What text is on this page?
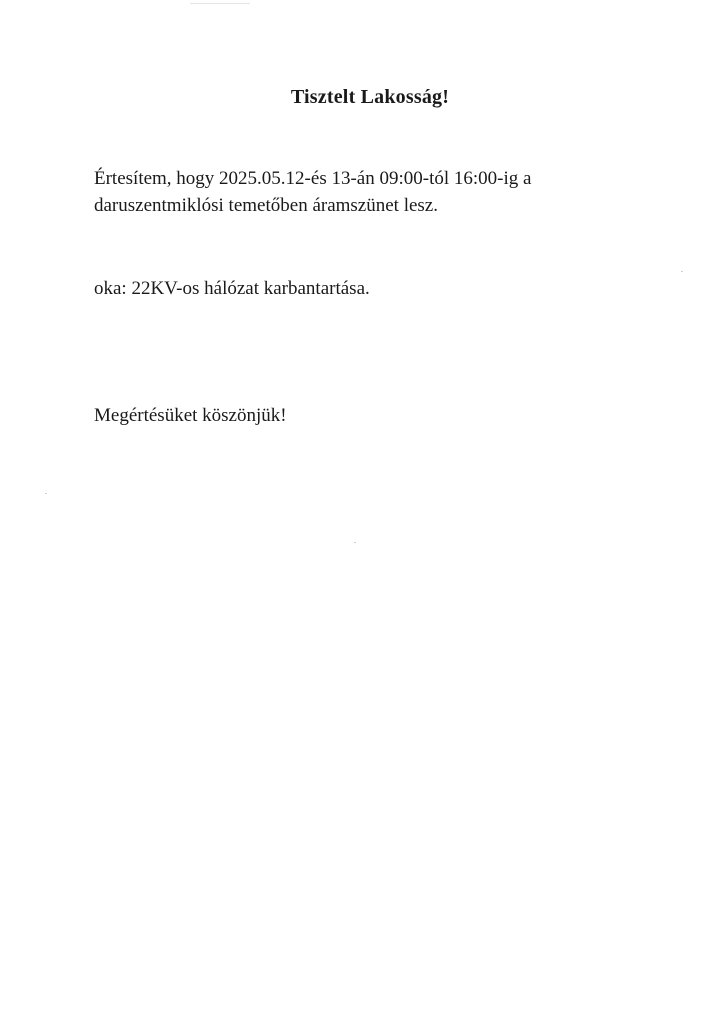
Tisztelt Lakosság!
Értesítem, hogy 2025.05.12-és 13-án 09:00-tól 16:00-ig a
daruszentmiklósi temetőben áramszünet lesz.
oka: 22KV-os hálózat karbantartása.
Megértésüket köszönjük!
